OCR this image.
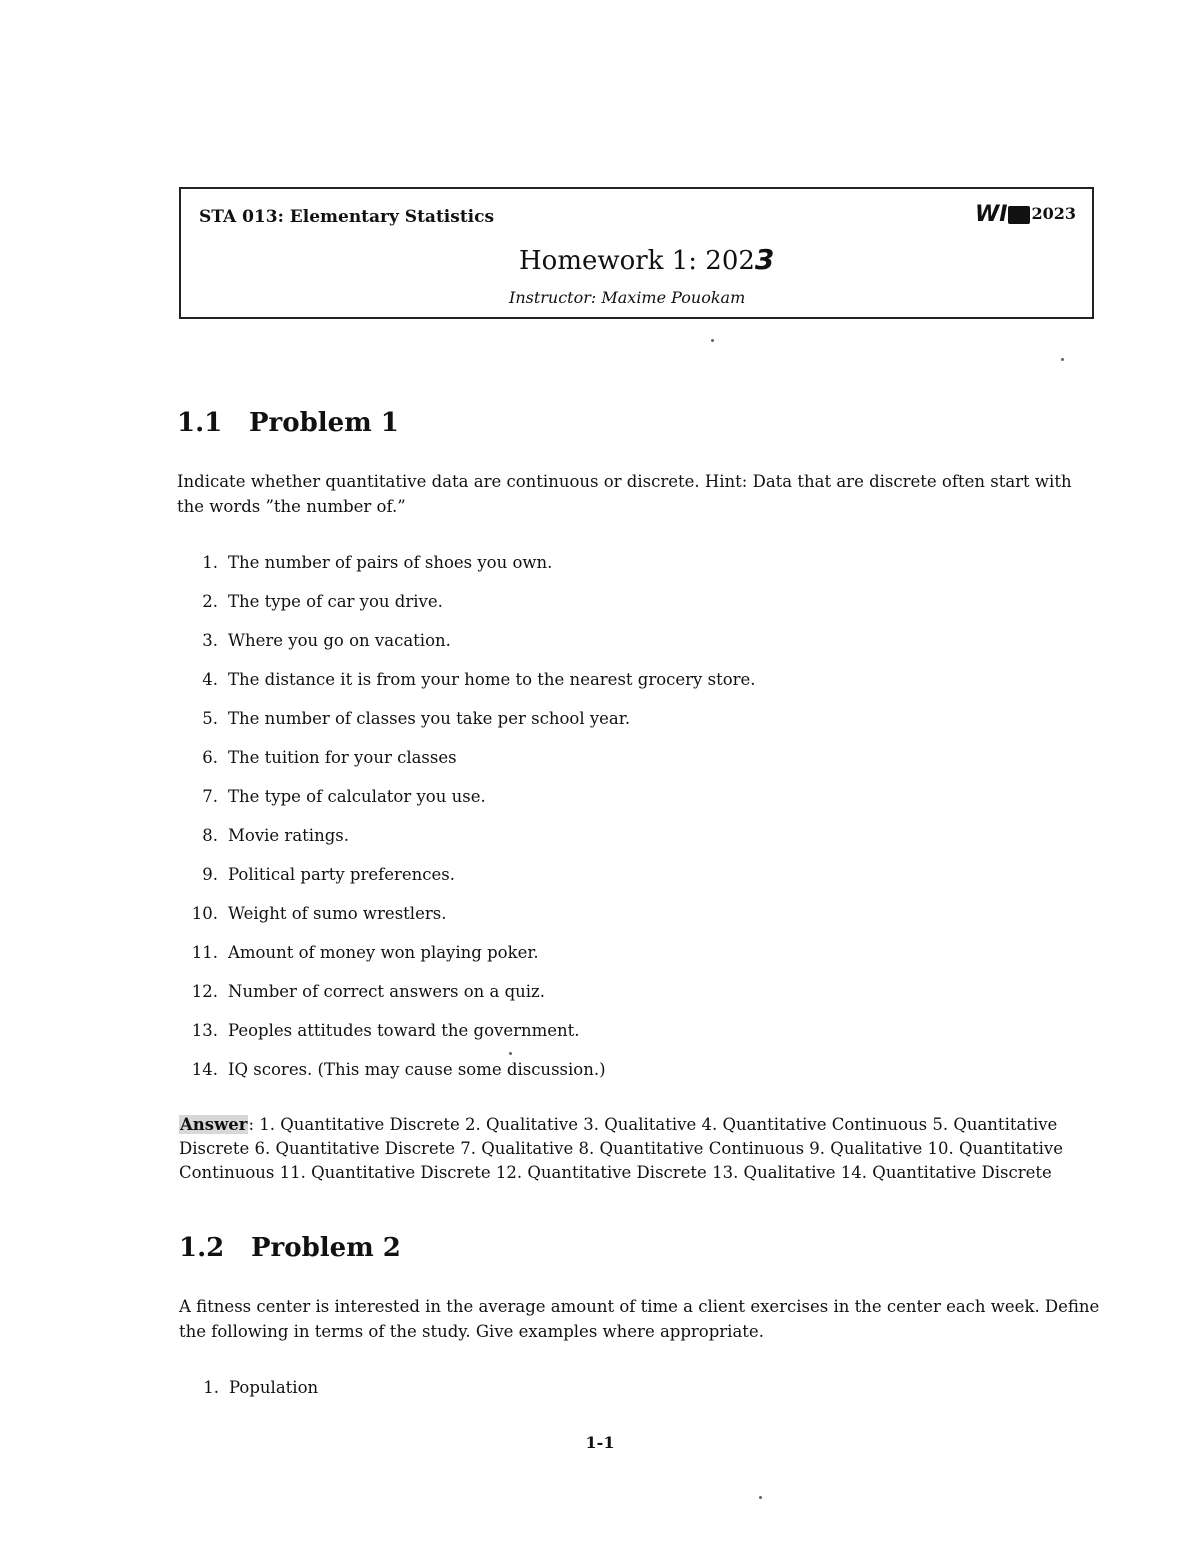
STA 013: Elementary Statistics	WI 2023
Homework 1: 2023
Instructor: Maxime Pouokam
1.1 Problem 1
Indicate whether quantitative data are continuous or discrete. Hint: Data that are discrete often start with the words ”the number of.”
1. The number of pairs of shoes you own.
2. The type of car you drive.
3. Where you go on vacation.
4. The distance it is from your home to the nearest grocery store.
5. The number of classes you take per school year.
6. The tuition for your classes
7. The type of calculator you use.
8. Movie ratings.
9. Political party preferences.
10. Weight of sumo wrestlers.
11. Amount of money won playing poker.
12. Number of correct answers on a quiz.
13. Peoples attitudes toward the government.
14. IQ scores. (This may cause some discussion.)
Answer: 1. Quantitative Discrete 2. Qualitative 3. Qualitative 4. Quantitative Continuous 5. Quantitative Discrete 6. Quantitative Discrete 7. Qualitative 8. Quantitative Continuous 9. Qualitative 10. Quantitative Continuous 11. Quantitative Discrete 12. Quantitative Discrete 13. Qualitative 14. Quantitative Discrete
1.2 Problem 2
A fitness center is interested in the average amount of time a client exercises in the center each week. Define the following in terms of the study. Give examples where appropriate.
1. Population
1-1
